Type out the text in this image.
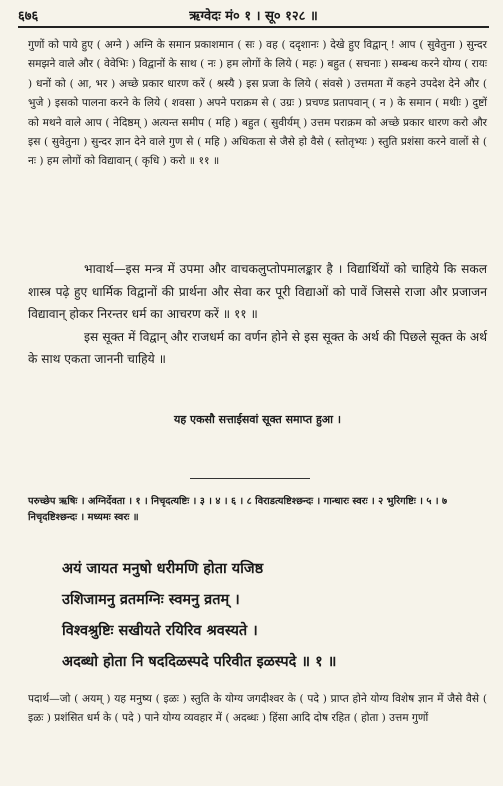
६७६	ऋग्वेदः मं० १ । सू० १२८ ॥
गुणों को पाये हुए ( अग्ने ) अग्नि के समान प्रकाशमान ( सः ) वह ( ददृशानः ) देखे हुए विद्वान् ! आप ( सुवेतुना ) सुन्दर समझने वाले और ( वेवेभिः ) विद्वानों के साथ ( नः ) हम लोगों के लिये ( महः ) बहुत ( सचनाः ) सम्बन्ध करने योग्य ( रायः ) धनों को ( आ, भर ) अच्छे प्रकार धारण करें ( श्रस्यै ) इस प्रजा के लिये ( संवसे ) उत्तमता में कहने उपदेश देने और ( भुजे ) इसको पालना करने के लिये ( शवसा ) अपने पराक्रम से ( उग्रः ) प्रचण्ड प्रतापवान् ( न ) के समान ( मथीः ) दुष्टों को मथने वाले आप ( नेदिष्ठम् ) अत्यन्त समीप ( महि ) बहुत ( सुवीर्यम् ) उत्तम पराक्रम को अच्छे प्रकार धारण करो और इस ( सुवेतुना ) सुन्दर ज्ञान देने वाले गुण से ( महि ) अधिकता से जैसे हो वैसे ( स्तोतृभ्यः ) स्तुति प्रशंसा करने वालों से ( नः ) हम लोगों को विद्यावान् ( कृधि ) करो ॥ ११ ॥

भावार्थ—इस मन्त्र में उपमा और वाचकलुप्तोपमालङ्कार है । विद्यार्थियों को चाहिये कि सकल शास्त्र पढ़े हुए धार्मिक विद्वानों की प्रार्थना और सेवा कर पूरी विद्याओं को पावें जिससे राजा और प्रजाजन विद्यावान् होकर निरन्तर धर्म का आचरण करें ॥ ११ ॥

इस सूक्त में विद्वान् और राजधर्म का वर्णन होने से इस सूक्त के अर्थ की पिछले सूक्त के अर्थ के साथ एकता जाननी चाहिये ॥

यह एकसौ सत्ताईसवां सूक्त समाप्त हुआ ।
परुच्छेप ऋषिः । अग्निर्देवता । १ । निचृदत्यष्टिः । ३ । ४ । ६ । ८ विराडत्यष्टिश्छन्दः । गान्धारः स्वरः । २ भुरिगष्टिः । ५ । ७ निचृदष्टिश्छन्दः । मध्यमः स्वरः ॥
अयं जायत मनुषो धरीमणि होता यजिष्ठ
उशिजामनु व्रतमग्निः स्वमनु व्रतम् ।
विश्वश्रुष्टिः सखीयते रयिरिव श्रवस्यते ।
अदब्धो होता नि षददिळस्पदे परिवीत इळस्पदे ॥ १ ॥
पदार्थ—जो ( अयम् ) यह मनुष्य ( इळः ) स्तुति के योग्य जगदीश्वर के ( पदे ) प्राप्त होने योग्य विशेष ज्ञान में जैसे वैसे ( इळः ) प्रशंसित धर्म के ( पदे ) पाने योग्य व्यवहार में ( अदब्धः ) हिंसा आदि दोष रहित ( होता ) उत्तम गुणों
